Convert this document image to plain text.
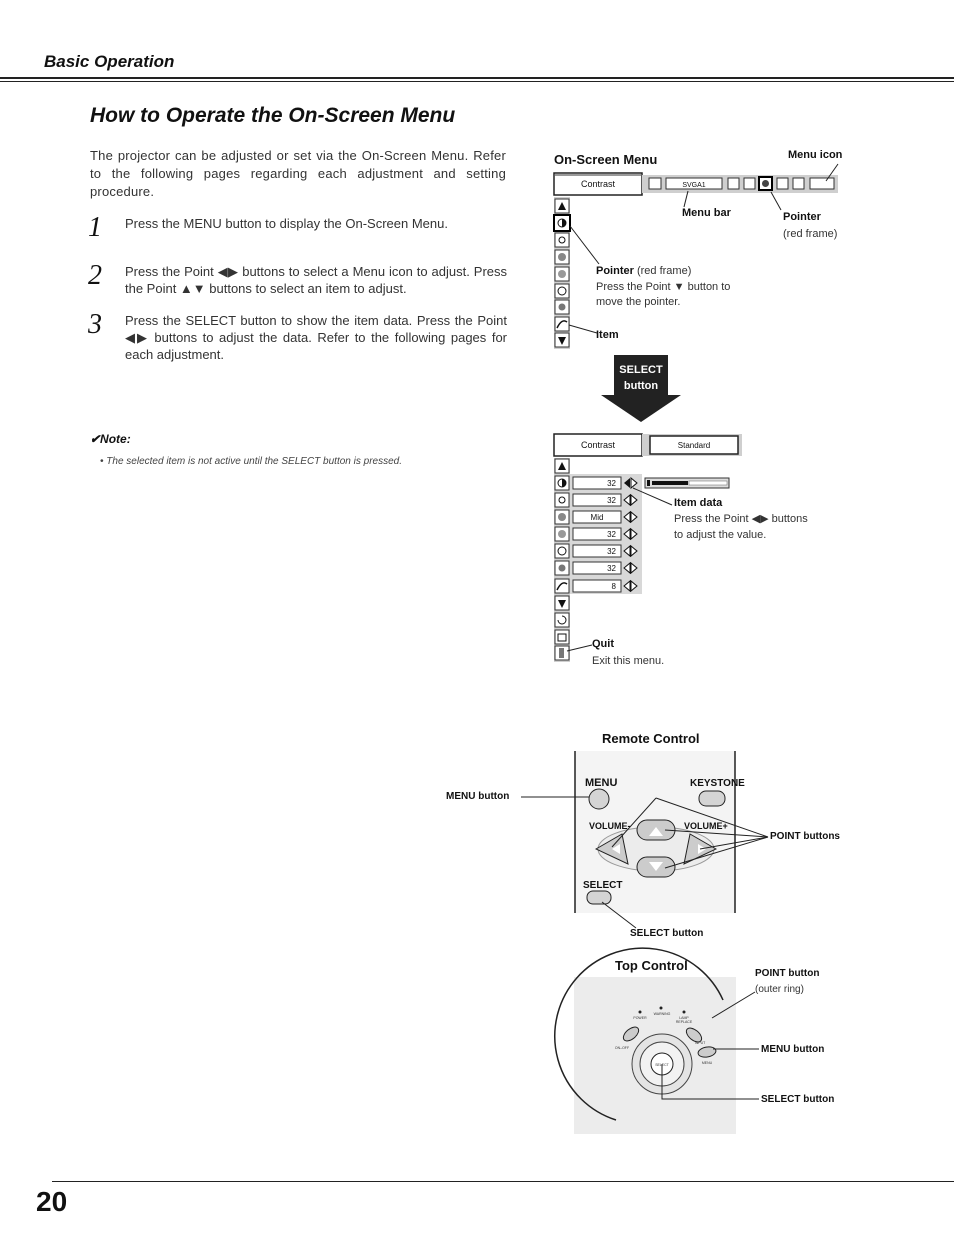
Basic Operation
How to Operate the On-Screen Menu
The projector can be adjusted or set via the On-Screen Menu. Refer to the following pages regarding each adjustment and setting procedure.
1 Press the MENU button to display the On-Screen Menu.
2 Press the Point ◀▶ buttons to select a Menu icon to adjust. Press the Point ▲▼ buttons to select an item to adjust.
3 Press the SELECT button to show the item data. Press the Point ◀▶ buttons to adjust the data. Refer to the following pages for each adjustment.
✔Note:
• The selected item is not active until the SELECT button is pressed.
Contrast	SVGA1
SELECT
button
Contrast	Standard
32
32
Mid
32
32
32
8
MENU	KEYSTONE
VOLUME-	VOLUME+
SELECT
POWER
WARNING
LAMP
REPLACE
ON–OFF
INPUT
MENU
SELECT
On-Screen Menu	Menu icon
Menu bar	Pointer
(red frame)
Pointer (red frame)
Press the Point ▼ button to
move the pointer.
Item
Item data
Press the Point ◀▶ buttons
to adjust the value.
Quit
Exit this menu.
Remote Control
MENU button
POINT buttons
SELECT button
Top Control
POINT button
(outer ring)
MENU button
SELECT button
20
